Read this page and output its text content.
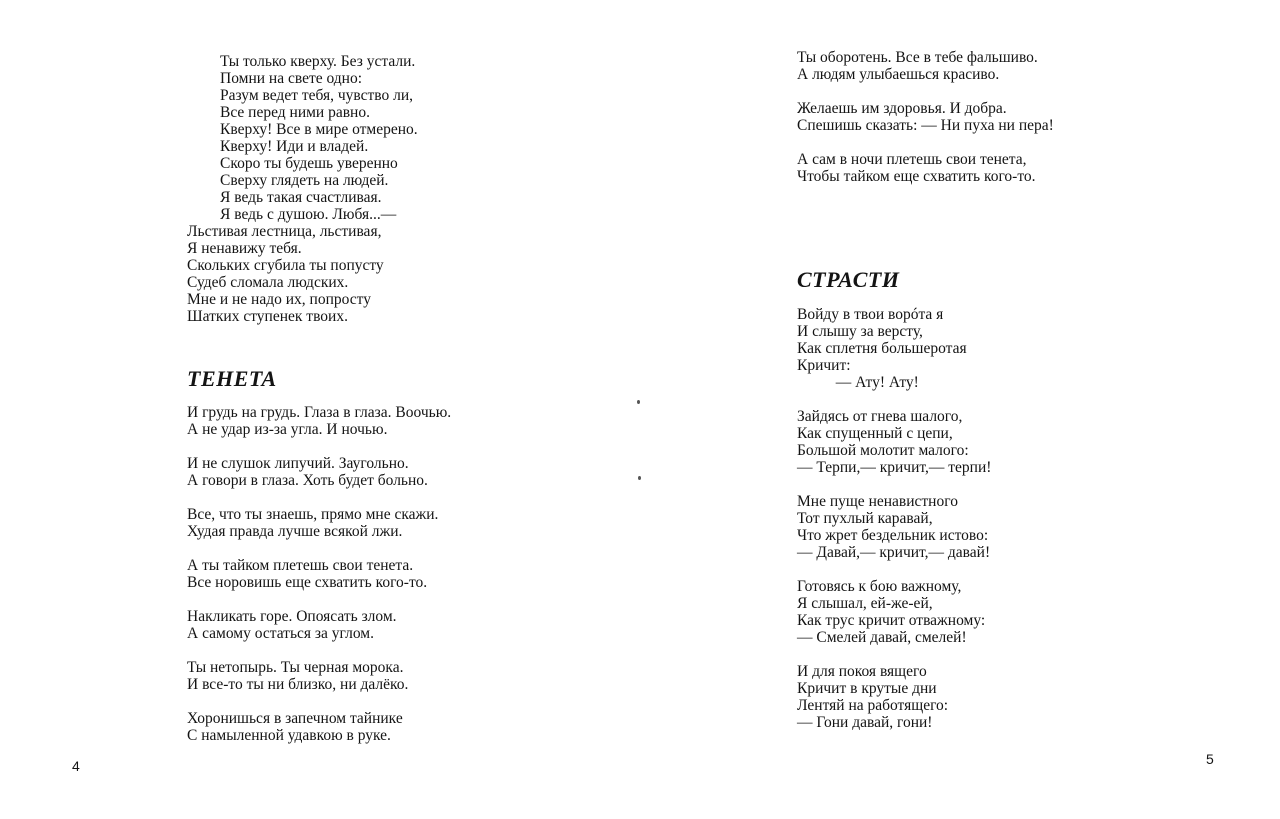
Ты только кверху. Без устали.
Помни на свете одно:
Разум ведет тебя, чувство ли,
Все перед ними равно.
Кверху! Все в мире отмерено.
Кверху! Иди и владей.
Скоро ты будешь уверенно
Сверху глядеть на людей.
Я ведь такая счастливая.
Я ведь с душою. Любя...—
Льстивая лестница, льстивая,
Я ненавижу тебя.
Скольких сгубила ты попусту
Судеб сломала людских.
Мне и не надо их, попросту
Шатких ступенек твоих.
ТЕНЕТА
И грудь на грудь. Глаза в глаза. Воочью.
А не удар из-за угла. И ночью.
И не слушок липучий. Заугольно.
А говори в глаза. Хоть будет больно.
Все, что ты знаешь, прямо мне скажи.
Худая правда лучше всякой лжи.
А ты тайком плетешь свои тенета.
Все норовишь еще схватить кого-то.
Накликать горе. Опоясать злом.
А самому остаться за углом.
Ты нетопырь. Ты черная морока.
И все-то ты ни близко, ни далёко.
Хоронишься в запечном тайнике
С намыленной удавкою в руке.
4
Ты оборотень. Все в тебе фальшиво.
А людям улыбаешься красиво.
Желаешь им здоровья. И добра.
Спешишь сказать: — Ни пуха ни пера!
А сам в ночи плетешь свои тенета,
Чтобы тайком еще схватить кого-то.
СТРАСТИ
Войду в твои ворóта я
И слышу за версту,
Как сплетня большеротая
Кричит:
— Ату! Ату!
Зайдясь от гнева шалого,
Как спущенный с цепи,
Большой молотит малого:
— Терпи,— кричит,— терпи!
Мне пуще ненавистного
Тот пухлый каравай,
Что жрет бездельник истово:
— Давай,— кричит,— давай!
Готовясь к бою важному,
Я слышал, ей-же-ей,
Как трус кричит отважному:
— Смелей давай, смелей!
И для покоя вящего
Кричит в крутые дни
Лентяй на работящего:
— Гони давай, гони!
5
